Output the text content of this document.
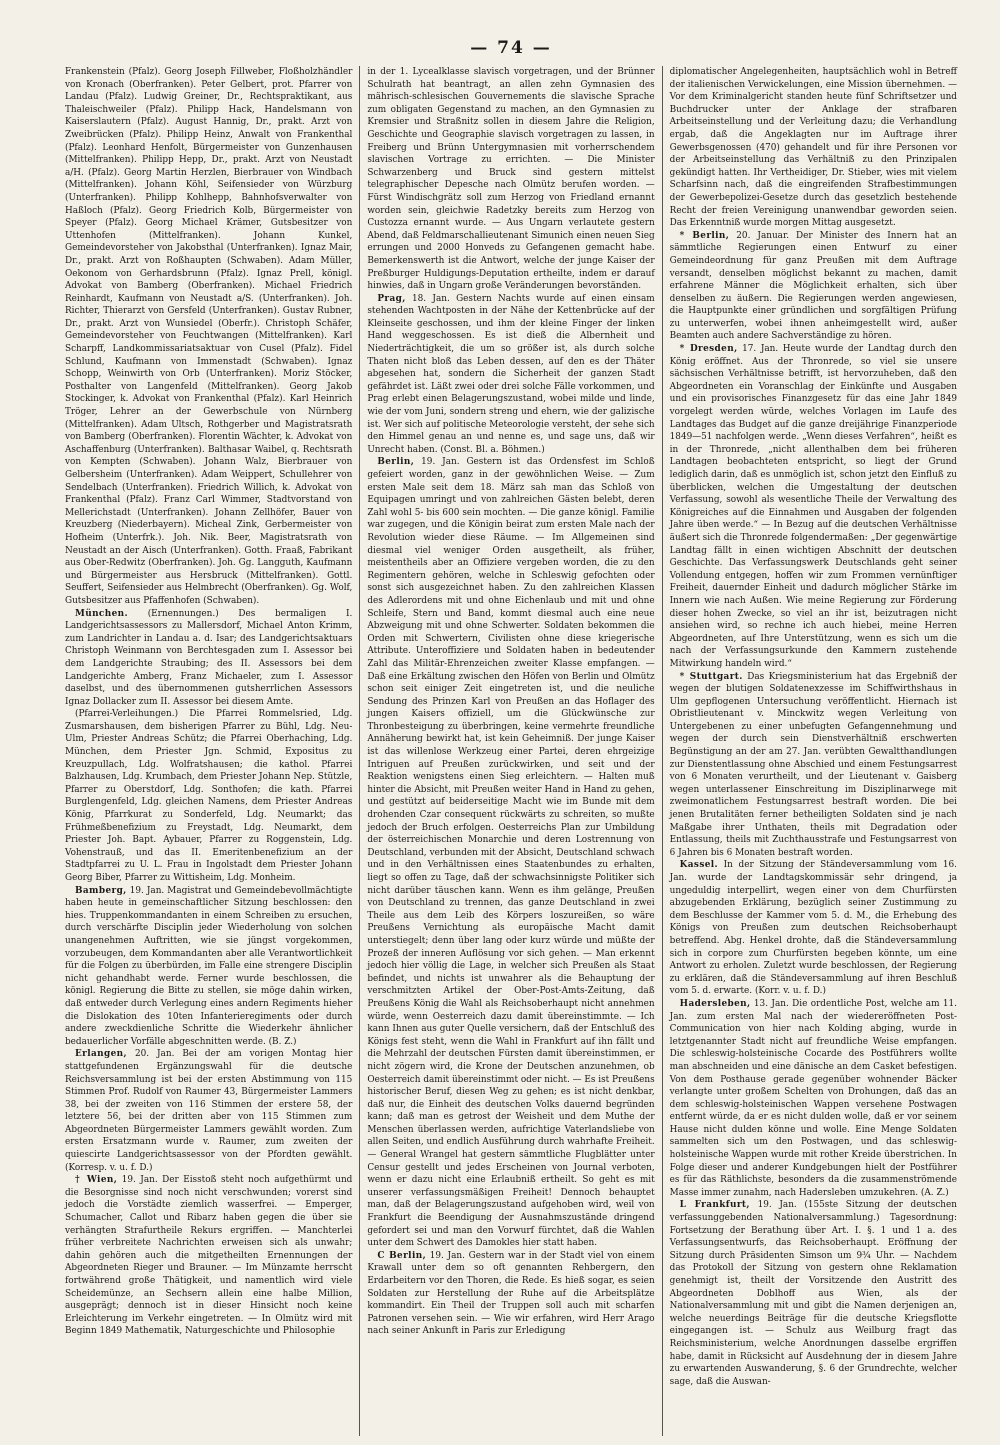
— 74 —

Frankenstein (Pfalz). Georg Joseph Fillweber, Floßholzhändler von Kronach (Oberfranken). Peter Gelbert, prot. Pfarrer von Landau (Pfalz). Ludwig Greiner, Dr., Rechtspraktikant, aus Thaleischweiler (Pfalz). Philipp Hack, Handelsmann von Kaiserslautern (Pfalz). August Hannig, Dr., prakt. Arzt von Zweibrücken (Pfalz). Philipp Heinz, Anwalt von Frankenthal (Pfalz). Leonhard Henfolt, Bürgermeister von Gunzenhausen (Mittelfranken). Philipp Hepp, Dr., prakt. Arzt von Neustadt a/H. (Pfalz). Georg Martin Herzlen, Bierbrauer von Windbach (Mittelfranken). Johann Köhl, Seifensieder von Würzburg (Unterfranken). Philipp Kohlhepp, Bahnhofsverwalter von Haßloch (Pfalz). Georg Friedrich Kolb, Bürgermeister von Speyer (Pfalz). Georg Michael Krämer, Gutsbesitzer von Uttenhofen (Mittelfranken). Johann Kunkel, Gemeindevorsteher von Jakobsthal (Unterfranken). Ignaz Mair, Dr., prakt. Arzt von Roßhaupten (Schwaben). Adam Müller, Oekonom von Gerhardsbrunn (Pfalz). Ignaz Prell, königl. Advokat von Bamberg (Oberfranken). Michael Friedrich Reinhardt, Kaufmann von Neustadt a/S. (Unterfranken). Joh. Richter, Thierarzt von Gersfeld (Unterfranken). Gustav Rubner, Dr., prakt. Arzt von Wunsiedel (Oberfr.). Christoph Schäfer, Gemeindevorsteher von Feuchtwangen (Mittelfranken). Karl Scharpff, Landkommissariatsaktuar von Cusel (Pfalz). Fidel Schlund, Kaufmann von Immenstadt (Schwaben). Ignaz Schopp, Weinwirth von Orb (Unterfranken). Moriz Stöcker, Posthalter von Langenfeld (Mittelfranken). Georg Jakob Stockinger, k. Advokat von Frankenthal (Pfalz). Karl Heinrich Tröger, Lehrer an der Gewerbschule von Nürnberg (Mittelfranken). Adam Ultsch, Rothgerber und Magistratsrath von Bamberg (Oberfranken). Florentin Wächter, k. Advokat von Aschaffenburg (Unterfranken). Balthasar Waibel, q. Rechtsrath von Kempten (Schwaben). Johann Walz, Bierbrauer von Gelbersheim (Unterfranken). Adam Weippert, Schullehrer von Sendelbach (Unterfranken). Friedrich Willich, k. Advokat von Frankenthal (Pfalz). Franz Carl Wimmer, Stadtvorstand von Mellerichstadt (Unterfranken). Johann Zellhöfer, Bauer von Kreuzberg (Niederbayern). Micheal Zink, Gerbermeister von Hofheim (Unterfrk.). Joh. Nik. Beer, Magistratsrath von Neustadt an der Aisch (Unterfranken). Gotth. Fraaß, Fabrikant aus Ober-Redwitz (Oberfranken). Joh. Gg. Langguth, Kaufmann und Bürgermeister aus Hersbruck (Mittelfranken). Gottl. Seuffert, Seifensieder aus Helmbrecht (Oberfranken). Gg. Wolf, Gutsbesitzer aus Pfaffenhofen (Schwaben).

München. (Ernennungen.) Des bermaligen I. Landgerichtsassessors zu Mallersdorf, Michael Anton Krimm, zum Landrichter in Landau a. d. Isar; des Landgerichtsaktuars Christoph Weinmann von Berchtesgaden zum I. Assessor bei dem Landgerichte Straubing; des II. Assessors bei dem Landgerichte Amberg, Franz Michaeler, zum I. Assessor daselbst, und des übernommenen gutsherrlichen Assessors Ignaz Dollacker zum II. Assessor bei diesem Amte.

(Pfarrei-Verleihungen.) Die Pfarrei Rommelsried, Ldg. Zusmarshausen, dem bisherigen Pfarrer zu Bühl, Ldg. Neu-Ulm, Priester Andreas Schütz; die Pfarrei Oberhaching, Ldg. München, dem Priester Jgn. Schmid, Expositus zu Kreuzpullach, Ldg. Wolfratshausen; die kathol. Pfarrei Balzhausen, Ldg. Krumbach, dem Priester Johann Nep. Stützle, Pfarrer zu Oberstdorf, Ldg. Sonthofen; die kath. Pfarrei Burglengenfeld, Ldg. gleichen Namens, dem Priester Andreas König, Pfarrkurat zu Sonderfeld, Ldg. Neumarkt; das Frühmeßbenefizium zu Freystadt, Ldg. Neumarkt, dem Priester Joh. Bapt. Aybauer, Pfarrer zu Roggenstein, Ldg. Vohenstrauß, und das II. Emeritenbenefizium an der Stadtpfarrei zu U. L. Frau in Ingolstadt dem Priester Johann Georg Biber, Pfarrer zu Wittisheim, Ldg. Monheim.

Bamberg, 19. Jan. Magistrat und Gemeindebevollmächtigte haben heute in gemeinschaftlicher Sitzung beschlossen: den hies. Truppenkommandanten in einem Schreiben zu ersuchen, durch verschärfte Disciplin jeder Wiederholung von solchen unangenehmen Auftritten, wie sie jüngst vorgekommen, vorzubeugen, dem Kommandanten aber alle Verantwortlichkeit für die Folgen zu überbürden, im Falle eine strengere Disciplin nicht gehandhabt werde. Ferner wurde beschlossen, die königl. Regierung die Bitte zu stellen, sie möge dahin wirken, daß entweder durch Verlegung eines andern Regiments hieher die Dislokation des 10ten Infanterieregiments oder durch andere zweckdienliche Schritte die Wiederkehr ähnlicher bedauerlicher Vorfälle abgeschnitten werde. (B. Z.)

Erlangen, 20. Jan. Bei der am vorigen Montag hier stattgefundenen Ergänzungswahl für die deutsche Reichsversammlung ist bei der ersten Abstimmung von 115 Stimmen Prof. Rudolf von Raumer 43, Bürgermeister Lammers 38, bei der zweiten von 116 Stimmen der erstere 58, der letztere 56, bei der dritten aber von 115 Stimmen zum Abgeordneten Bürgermeister Lammers gewählt worden. Zum ersten Ersatzmann wurde v. Raumer, zum zweiten der quiescirte Landgerichtsassessor von der Pfordten gewählt. (Korresp. v. u. f. D.)

† Wien, 19. Jan. Der Eisstoß steht noch aufgethürmt und die Besorgnisse sind noch nicht verschwunden; vorerst sind jedoch die Vorstädte ziemlich wasserfrei. — Emperger, Schumacher, Callot und Ribarz haben gegen die über sie verhängten Strafurtheile Rekurs ergriffen. — Manchterlei früher verbreitete Nachrichten erweisen sich als unwahr; dahin gehören auch die mitgetheilten Ernennungen der Abgeordneten Rieger und Brauner. — Im Münzamte herrscht fortwährend große Thätigkeit, und namentlich wird viele Scheidemünze, an Sechsern allein eine halbe Million, ausgeprägt; dennoch ist in dieser Hinsicht noch keine Erleichterung im Verkehr eingetreten. — In Olmütz wird mit Beginn 1849 Mathematik, Naturgeschichte und Philosophie

in der 1. Lycealklasse slavisch vorgetragen, und der Brünner Schulrath hat beantragt, an allen zehn Gymnasien des mährisch-schlesischen Gouvernements die slavische Sprache zum obligaten Gegenstand zu machen, an den Gymnasien zu Kremsier und Straßnitz sollen in diesem Jahre die Religion, Geschichte und Geographie slavisch vorgetragen zu lassen, in Freiberg und Brünn Untergymnasien mit vorherrschendem slavischen Vortrage zu errichten. — Die Minister Schwarzenberg und Bruck sind gestern mittelst telegraphischer Depesche nach Olmütz berufen worden. — Fürst Windischgrätz soll zum Herzog von Friedland ernannt worden sein, gleichwie Radetzky bereits zum Herzog von Custozza ernannt wurde. — Aus Ungarn verlautete gestern Abend, daß Feldmarschallieutenant Simunich einen neuen Sieg errungen und 2000 Honveds zu Gefangenen gemacht habe. Bemerkenswerth ist die Antwort, welche der junge Kaiser der Preßburger Huldigungs-Deputation ertheilte, indem er darauf hinwies, daß in Ungarn große Veränderungen bevorständen.

Prag, 18. Jan. Gestern Nachts wurde auf einen einsam stehenden Wachtposten in der Nähe der Kettenbrücke auf der Kleinseite geschossen, und ihm der kleine Finger der linken Hand weggeschossen. Es ist dieß die Albernheit und Niederträchtigkeit, die um so größer ist, als durch solche Thaten nicht bloß das Leben dessen, auf den es der Thäter abgesehen hat, sondern die Sicherheit der ganzen Stadt gefährdet ist. Läßt zwei oder drei solche Fälle vorkommen, und Prag erlebt einen Belagerungszustand, wobei milde und linde, wie der vom Juni, sondern streng und ehern, wie der galizische ist. Wer sich auf politische Meteorologie versteht, der sehe sich den Himmel genau an und nenne es, und sage uns, daß wir Unrecht haben. (Const. Bl. a. Böhmen.)

Berlin, 19. Jan. Gestern ist das Ordensfest im Schloß gefeiert worden, ganz in der gewöhnlichen Weise. — Zum ersten Male seit dem 18. März sah man das Schloß von Equipagen umringt und von zahlreichen Gästen belebt, deren Zahl wohl 5- bis 600 sein mochten. — Die ganze königl. Familie war zugegen, und die Königin beirat zum ersten Male nach der Revolution wieder diese Räume. — Im Allgemeinen sind diesmal viel weniger Orden ausgetheilt, als früher, meistentheils aber an Offiziere vergeben worden, die zu den Regimentern gehören, welche in Schleswig gefochten oder sonst sich ausgezeichnet haben. Zu den zahlreichen Klassen des Adlerordens mit und ohne Eichenlaub und mit und ohne Schleife, Stern und Band, kommt diesmal auch eine neue Abzweigung mit und ohne Schwerter. Soldaten bekommen die Orden mit Schwertern, Civilisten ohne diese kriegerische Attribute. Unteroffiziere und Soldaten haben in bedeutender Zahl das Militär-Ehrenzeichen zweiter Klasse empfangen. — Daß eine Erkältung zwischen den Höfen von Berlin und Olmütz schon seit einiger Zeit eingetreten ist, und die neuliche Sendung des Prinzen Karl von Preußen an das Hoflager des jungen Kaisers offiziell, um die Glückwünsche zur Thronbesteigung zu überbringen, keine vermehrte freundliche Annäherung bewirkt hat, ist kein Geheimniß. Der junge Kaiser ist das willenlose Werkzeug einer Partei, deren ehrgeizige Intriguen auf Preußen zurückwirken, und seit und der Reaktion wenigstens einen Sieg erleichtern. — Halten muß hinter die Absicht, mit Preußen weiter Hand in Hand zu gehen, und gestützt auf beiderseitige Macht wie im Bunde mit dem drohenden Czar consequent rückwärts zu schreiten, so mußte jedoch der Bruch erfolgen. Oesterreichs Plan zur Umbildung der österreichischen Monarchie und deren Lostrennung von Deutschland, verbunden mit der Absicht, Deutschland schwach und in den Verhältnissen eines Staatenbundes zu erhalten, liegt so offen zu Tage, daß der schwachsinnigste Politiker sich nicht darüber täuschen kann. Wenn es ihm gelänge, Preußen von Deutschland zu trennen, das ganze Deutschland in zwei Theile aus dem Leib des Körpers loszureißen, so wäre Preußens Vernichtung als europäische Macht damit unterstiegelt; denn über lang oder kurz würde und müßte der Prozeß der inneren Auflösung vor sich gehen. — Man erkennt jedoch hier völlig die Lage, in welcher sich Preußen als Staat befindet, und nichts ist unwahrer als die Behauptung der verschmitzten Artikel der Ober-Post-Amts-Zeitung, daß Preußens König die Wahl als Reichsoberhaupt nicht annehmen würde, wenn Oesterreich dazu damit übereinstimmte. — Ich kann Ihnen aus guter Quelle versichern, daß der Entschluß des Königs fest steht, wenn die Wahl in Frankfurt auf ihn fällt und die Mehrzahl der deutschen Fürsten damit übereinstimmen, er nicht zögern wird, die Krone der Deutschen anzunehmen, ob Oesterreich damit übereinstimmt oder nicht. — Es ist Preußens historischer Beruf, diesen Weg zu gehen; es ist nicht denkbar, daß nur, die Einheit des deutschen Volks dauernd begründen kann; daß man es getrost der Weisheit und dem Muthe der Menschen überlassen werden, aufrichtige Vaterlandsliebe von allen Seiten, und endlich Ausführung durch wahrhafte Freiheit. — General Wrangel hat gestern sämmtliche Flugblätter unter Censur gestellt und jedes Erscheinen von Journal verboten, wenn er dazu nicht eine Erlaubniß ertheilt. So geht es mit unserer verfassungsmäßigen Freiheit! Dennoch behauptet man, daß der Belagerungszustand aufgehoben wird, weil von Frankfurt die Beendigung der Ausnahmszustände dringend gefordert sei und man den Vorwurf fürchtet, daß die Wahlen unter dem Schwert des Damokles hier statt haben.

C Berlin, 19. Jan. Gestern war in der Stadt viel von einem Krawall unter dem so oft genannten Rehbergern, den Erdarbeitern vor den Thoren, die Rede. Es hieß sogar, es seien Soldaten zur Herstellung der Ruhe auf die Arbeitsplätze kommandirt. Ein Theil der Truppen soll auch mit scharfen Patronen versehen sein. — Wie wir erfahren, wird Herr Arago nach seiner Ankunft in Paris zur Erledigung

diplomatischer Angelegenheiten, hauptsächlich wohl in Betreff der italienischen Verwickelungen, eine Mission übernehmen. — Vor dem Kriminalgericht standen heute fünf Schriftsetzer und Buchdrucker unter der Anklage der strafbaren Arbeitseinstellung und der Verleitung dazu; die Verhandlung ergab, daß die Angeklagten nur im Auftrage ihrer Gewerbsgenossen (470) gehandelt und für ihre Personen vor der Arbeitseinstellung das Verhältniß zu den Prinzipalen gekündigt hatten. Ihr Vertheidiger, Dr. Stieber, wies mit vielem Scharfsinn nach, daß die eingreifenden Strafbestimmungen der Gewerbepolizei-Gesetze durch das gesetzlich bestehende Recht der freien Vereinigung unanwendbar geworden seien. Das Erkenntniß wurde morgen Mittag ausgesetzt.

* Berlin, 20. Januar. Der Minister des Innern hat an sämmtliche Regierungen einen Entwurf zu einer Gemeindeordnung für ganz Preußen mit dem Auftrage versandt, denselben möglichst bekannt zu machen, damit erfahrene Männer die Möglichkeit erhalten, sich über denselben zu äußern. Die Regierungen werden angewiesen, die Hauptpunkte einer gründlichen und sorgfältigen Prüfung zu unterwerfen, wobei ihnen anheimgestellt wird, außer Beamten auch andere Sachverständige zu hören.

* Dresden, 17. Jan. Heute wurde der Landtag durch den König eröffnet. Aus der Thronrede, so viel sie unsere sächsischen Verhältnisse betrifft, ist hervorzuheben, daß den Abgeordneten ein Voranschlag der Einkünfte und Ausgaben und ein provisorisches Finanzgesetz für das eine Jahr 1849 vorgelegt werden würde, welches Vorlagen im Laufe des Landtages das Budget auf die ganze dreijährige Finanzperiode 1849—51 nachfolgen werde. „Wenn dieses Verfahren“, heißt es in der Thronrede, „nicht allenthalben dem bei früheren Landtagen beobachteten entspricht, so liegt der Grund lediglich darin, daß es unmöglich ist, schon jetzt den Einfluß zu überblicken, welchen die Umgestaltung der deutschen Verfassung, sowohl als wesentliche Theile der Verwaltung des Königreiches auf die Einnahmen und Ausgaben der folgenden Jahre üben werde.“ — In Bezug auf die deutschen Verhältnisse äußert sich die Thronrede folgendermaßen: „Der gegenwärtige Landtag fällt in einen wichtigen Abschnitt der deutschen Geschichte. Das Verfassungswerk Deutschlands geht seiner Vollendung entgegen, hoffen wir zum Frommen vernünftiger Freiheit, dauernder Einheit und dadurch möglicher Stärke im Innern wie nach Außen. Wie meine Regierung zur Förderung dieser hohen Zwecke, so viel an ihr ist, beizutragen nicht ansiehen wird, so rechne ich auch hiebei, meine Herren Abgeordneten, auf Ihre Unterstützung, wenn es sich um die nach der Verfassungsurkunde den Kammern zustehende Mitwirkung handeln wird.“

* Stuttgart. Das Kriegsministerium hat das Ergebniß der wegen der blutigen Soldatenexzesse im Schiffwirthshaus in Ulm gepflogenen Untersuchung veröffentlicht. Hiernach ist Obristlieutenant v. Minckwitz wegen Verleitung von Untergebenen zu einer unbefugten Gefangennehmung und wegen der durch sein Dienstverhältniß erschwerten Begünstigung an der am 27. Jan. verübten Gewaltthandlungen zur Dienstentlassung ohne Abschied und einem Festungsarrest von 6 Monaten verurtheilt, und der Lieutenant v. Gaisberg wegen unterlassener Einschreitung im Disziplinarwege mit zweimonatlichem Festungsarrest bestraft worden. Die bei jenen Brutalitäten ferner betheiligten Soldaten sind je nach Maßgabe ihrer Unthaten, theils mit Degradation oder Entlassung, theils mit Zuchthausstrafe und Festungsarrest von 6 Jahren bis 6 Monaten bestraft worden.

Kassel. In der Sitzung der Ständeversammlung vom 16. Jan. wurde der Landtagskommissär sehr dringend, ja ungeduldig interpellirt, wegen einer von dem Churfürsten abzugebenden Erklärung, bezüglich seiner Zustimmung zu dem Beschlusse der Kammer vom 5. d. M., die Erhebung des Königs von Preußen zum deutschen Reichsoberhaupt betreffend. Abg. Henkel drohte, daß die Ständeversammlung sich in corpore zum Churfürsten begeben könnte, um eine Antwort zu erholen. Zuletzt wurde beschlossen, der Regierung zu erklären, daß die Ständeversammlung auf ihren Beschluß vom 5. d. erwarte. (Korr. v. u. f. D.)

Hadersleben, 13. Jan. Die ordentliche Post, welche am 11. Jan. zum ersten Mal nach der wiedereröffneten Post-Communication von hier nach Kolding abging, wurde in letztgenannter Stadt nicht auf freundliche Weise empfangen. Die schleswig-holsteinische Cocarde des Postführers wollte man abschneiden und eine dänische an dem Casket befestigen. Von dem Posthause gerade gegenüber wohnender Bäcker verlangte unter großem Schelten von Drohungen, daß das an dem schleswig-holsteinischen Wappen versehene Postwagen entfernt würde, da er es nicht dulden wolle, daß er vor seinem Hause nicht dulden könne und wolle. Eine Menge Soldaten sammelten sich um den Postwagen, und das schleswig-holsteinische Wappen wurde mit rother Kreide überstrichen. In Folge dieser und anderer Kundgebungen hielt der Postführer es für das Räthlichste, besonders da die zusammenströmende Masse immer zunahm, nach Hadersleben umzukehren. (A. Z.)

L Frankfurt, 19. Jan. (155ste Sitzung der deutschen verfassunggebenden Nationalversammlung.) Tagesordnung: Fortsetzung der Berathung über Art. I. §. 1 und 1 a. des Verfassungsentwurfs, das Reichsoberhaupt. Eröffnung der Sitzung durch Präsidenten Simson um 9¾ Uhr. — Nachdem das Protokoll der Sitzung von gestern ohne Reklamation genehmigt ist, theilt der Vorsitzende den Austritt des Abgeordneten Doblhoff aus Wien, als der Nationalversammlung mit und gibt die Namen derjenigen an, welche neuerdings Beiträge für die deutsche Kriegsflotte eingegangen ist. — Schulz aus Weilburg fragt das Reichsministerium, welche Anordnungen dasselbe ergriffen habe, damit in Rücksicht auf Ausdehnung der in diesem Jahre zu erwartenden Auswanderung, §. 6 der Grundrechte, welcher sage, daß die Auswan-
